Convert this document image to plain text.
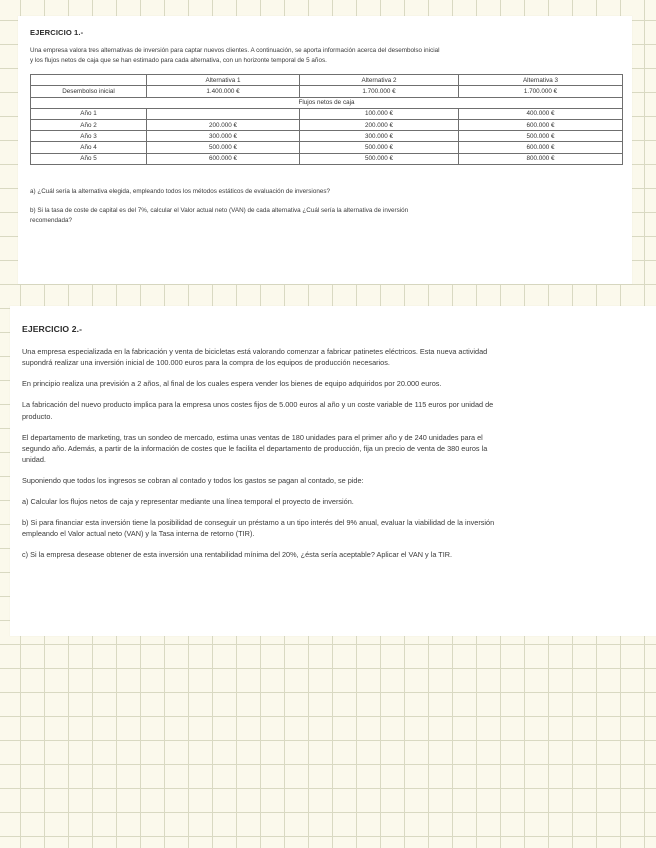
EJERCICIO 1.-

Una empresa valora tres alternativas de inversión para captar nuevos clientes. A continuación, se aporta información acerca del desembolso inicial

y los flujos netos de caja que se han estimado para cada alternativa, con un horizonte temporal de 5 años.

	Alternativa 1	Alternativa 2	Alternativa 3
Desembolso inicial	1.400.000 €	1.700.000 €	1.700.000 €
Flujos netos de caja			
Año 1		100.000 €	400.000 €
Año 2	200.000 €	200.000 €	600.000 €
Año 3	300.000 €	300.000 €	500.000 €
Año 4	500.000 €	500.000 €	600.000 €
Año 5	600.000 €	500.000 €	800.000 €

a) ¿Cuál sería la alternativa elegida, empleando todos los métodos estáticos de evaluación de inversiones?

b) Si la tasa de coste de capital es del 7%, calcular el Valor actual neto (VAN) de cada alternativa ¿Cuál sería la alternativa de inversión

recomendada?

EJERCICIO 2.-

Una empresa especializada en la fabricación y venta de bicicletas está valorando comenzar a fabricar patinetes eléctricos. Esta nueva actividad
supondrá realizar una inversión inicial de 100.000 euros para la compra de los equipos de producción necesarios.

En principio realiza una previsión a 2 años, al final de los cuales espera vender los bienes de equipo adquiridos por 20.000 euros.

La fabricación del nuevo producto implica para la empresa unos costes fijos de 5.000 euros al año y un coste variable de 115 euros por unidad de
producto.

El departamento de marketing, tras un sondeo de mercado, estima unas ventas de 180 unidades para el primer año y de 240 unidades para el
segundo año. Además, a partir de la información de costes que le facilita el departamento de producción, fija un precio de venta de 380 euros la
unidad.

Suponiendo que todos los ingresos se cobran al contado y todos los gastos se pagan al contado, se pide:

a) Calcular los flujos netos de caja y representar mediante una línea temporal el proyecto de inversión.

b) Si para financiar esta inversión tiene la posibilidad de conseguir un préstamo a un tipo interés del 9% anual, evaluar la viabilidad de la inversión
empleando el Valor actual neto (VAN) y la Tasa interna de retorno (TIR).

c) Si la empresa desease obtener de esta inversión una rentabilidad mínima del 20%, ¿ésta sería aceptable? Aplicar el VAN y la TIR.
